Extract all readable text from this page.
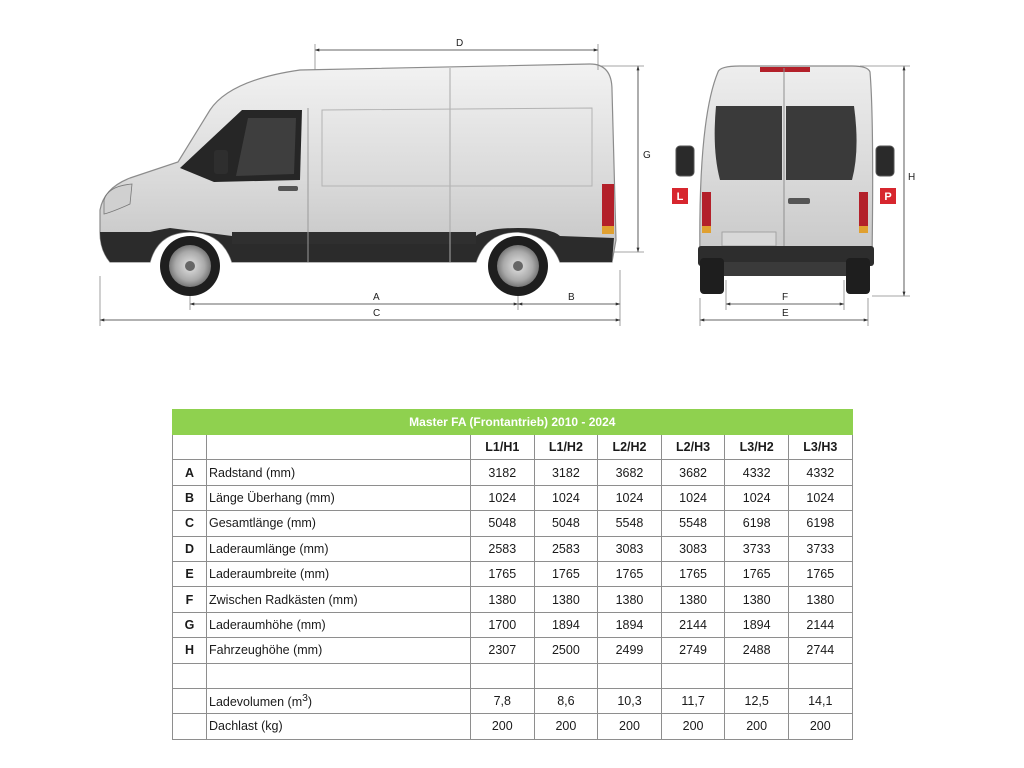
L	P
D
G
A	B
C
H
F
E
Master FA (Frontantrieb) 2010 - 2024							
		L1/H1	L1/H2	L2/H2	L2/H3	L3/H2	L3/H3
A	Radstand (mm)	3182	3182	3682	3682	4332	4332
B	Länge Überhang (mm)	1024	1024	1024	1024	1024	1024
C	Gesamtlänge (mm)	5048	5048	5548	5548	6198	6198
D	Laderaumlänge (mm)	2583	2583	3083	3083	3733	3733
E	Laderaumbreite (mm)	1765	1765	1765	1765	1765	1765
F	Zwischen Radkästen (mm)	1380	1380	1380	1380	1380	1380
G	Laderaumhöhe (mm)	1700	1894	1894	2144	1894	2144
H	Fahrzeughöhe (mm)	2307	2500	2499	2749	2488	2744

	Ladevolumen $(m^3)$	7,8	8,6	10,3	11,7	12,5	14,1
	Dachlast (kg)	200	200	200	200	200	200
